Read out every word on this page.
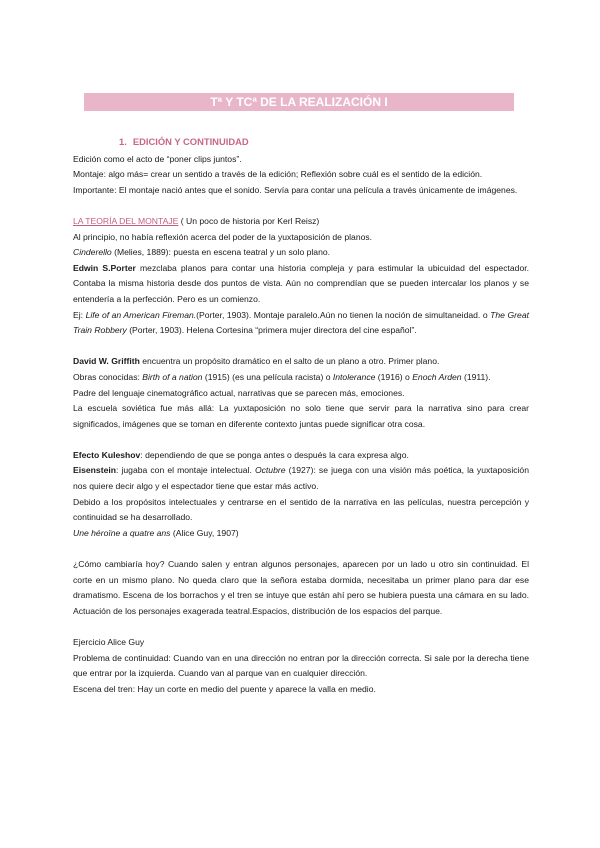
Tª Y TCª DE LA REALIZACIÓN I
1. EDICIÓN Y CONTINUIDAD

Edición como el acto de “poner clips juntos”.

Montaje: algo más= crear un sentido a través de la edición; Reflexión sobre cuál es el sentido de la edición.

Importante: El montaje nació antes que el sonido. Servía para contar una película a través únicamente de imágenes.

LA TEORÍA DEL MONTAJE ( Un poco de historia por Kerl Reisz)

Al principio, no había reflexión acerca del poder de la yuxtaposición de planos.

Cinderello (Melies, 1889): puesta en escena teatral y un solo plano.

Edwin S.Porter mezclaba planos para contar una historia compleja y para estimular la ubicuidad del espectador. Contaba la misma historia desde dos puntos de vista. Aún no comprendían que se pueden intercalar los planos y se entendería a la perfección. Pero es un comienzo.

Ej: Life of an American Fireman.(Porter, 1903). Montaje paralelo.Aún no tienen la noción de simultaneidad. o The Great Train Robbery (Porter, 1903). Helena Cortesina “primera mujer directora del cine español”.

David W. Griffith encuentra un propósito dramático en el salto de un plano a otro. Primer plano.

Obras conocidas: Birth of a nation (1915) (es una película racista) o Intolerance (1916) o Enoch Arden (1911).

Padre del lenguaje cinematográfico actual, narrativas que se parecen más, emociones.

La escuela soviética fue más allá: La yuxtaposición no solo tiene que servir para la narrativa sino para crear significados, imágenes que se toman en diferente contexto juntas puede significar otra cosa.

Efecto Kuleshov: dependiendo de que se ponga antes o después la cara expresa algo.

Eisenstein: jugaba con el montaje intelectual. Octubre (1927): se juega con una visión más poética, la yuxtaposición nos quiere decir algo y el espectador tiene que estar más activo.

Debido a los propósitos intelectuales y centrarse en el sentido de la narrativa en las películas, nuestra percepción y continuidad se ha desarrollado.

Une héroïne a quatre ans (Alice Guy, 1907)

¿Cómo cambiaría hoy? Cuando salen y entran algunos personajes, aparecen por un lado u otro sin continuidad. El corte en un mismo plano. No queda claro que la señora estaba dormida, necesitaba un primer plano para dar ese dramatismo. Escena de los borrachos y el tren se intuye que están ahí pero se hubiera puesta una cámara en su lado. Actuación de los personajes exagerada teatral.Espacios, distribución de los espacios del parque.

Ejercicio Alice Guy

Problema de continuidad: Cuando van en una dirección no entran por la dirección correcta. Si sale por la derecha tiene que entrar por la izquierda. Cuando van al parque van en cualquier dirección.

Escena del tren: Hay un corte en medio del puente y aparece la valla en medio.
